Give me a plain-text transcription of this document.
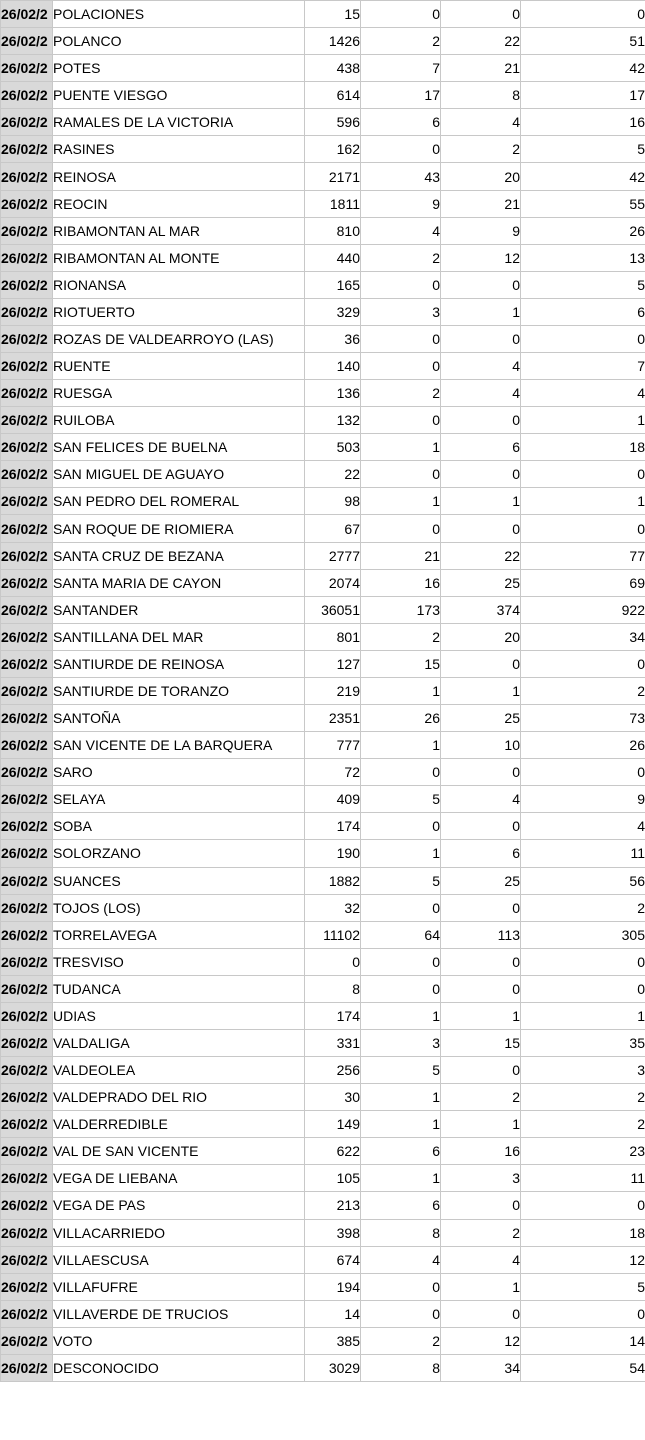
26/02/2	POLACIONES	15	0	0	0
26/02/2	POLANCO	1426	2	22	51
26/02/2	POTES	438	7	21	42
26/02/2	PUENTE VIESGO	614	17	8	17
26/02/2	RAMALES DE LA VICTORIA	596	6	4	16
26/02/2	RASINES	162	0	2	5
26/02/2	REINOSA	2171	43	20	42
26/02/2	REOCIN	1811	9	21	55
26/02/2	RIBAMONTAN AL MAR	810	4	9	26
26/02/2	RIBAMONTAN AL MONTE	440	2	12	13
26/02/2	RIONANSA	165	0	0	5
26/02/2	RIOTUERTO	329	3	1	6
26/02/2	ROZAS DE VALDEARROYO (LAS)	36	0	0	0
26/02/2	RUENTE	140	0	4	7
26/02/2	RUESGA	136	2	4	4
26/02/2	RUILOBA	132	0	0	1
26/02/2	SAN FELICES DE BUELNA	503	1	6	18
26/02/2	SAN MIGUEL DE AGUAYO	22	0	0	0
26/02/2	SAN PEDRO DEL ROMERAL	98	1	1	1
26/02/2	SAN ROQUE DE RIOMIERA	67	0	0	0
26/02/2	SANTA CRUZ DE BEZANA	2777	21	22	77
26/02/2	SANTA MARIA DE CAYON	2074	16	25	69
26/02/2	SANTANDER	36051	173	374	922
26/02/2	SANTILLANA DEL MAR	801	2	20	34
26/02/2	SANTIURDE DE REINOSA	127	15	0	0
26/02/2	SANTIURDE DE TORANZO	219	1	1	2
26/02/2	SANTOÑA	2351	26	25	73
26/02/2	SAN VICENTE DE LA BARQUERA	777	1	10	26
26/02/2	SARO	72	0	0	0
26/02/2	SELAYA	409	5	4	9
26/02/2	SOBA	174	0	0	4
26/02/2	SOLORZANO	190	1	6	11
26/02/2	SUANCES	1882	5	25	56
26/02/2	TOJOS (LOS)	32	0	0	2
26/02/2	TORRELAVEGA	11102	64	113	305
26/02/2	TRESVISO	0	0	0	0
26/02/2	TUDANCA	8	0	0	0
26/02/2	UDIAS	174	1	1	1
26/02/2	VALDALIGA	331	3	15	35
26/02/2	VALDEOLEA	256	5	0	3
26/02/2	VALDEPRADO DEL RIO	30	1	2	2
26/02/2	VALDERREDIBLE	149	1	1	2
26/02/2	VAL DE SAN VICENTE	622	6	16	23
26/02/2	VEGA DE LIEBANA	105	1	3	11
26/02/2	VEGA DE PAS	213	6	0	0
26/02/2	VILLACARRIEDO	398	8	2	18
26/02/2	VILLAESCUSA	674	4	4	12
26/02/2	VILLAFUFRE	194	0	1	5
26/02/2	VILLAVERDE DE TRUCIOS	14	0	0	0
26/02/2	VOTO	385	2	12	14
26/02/2	DESCONOCIDO	3029	8	34	54
